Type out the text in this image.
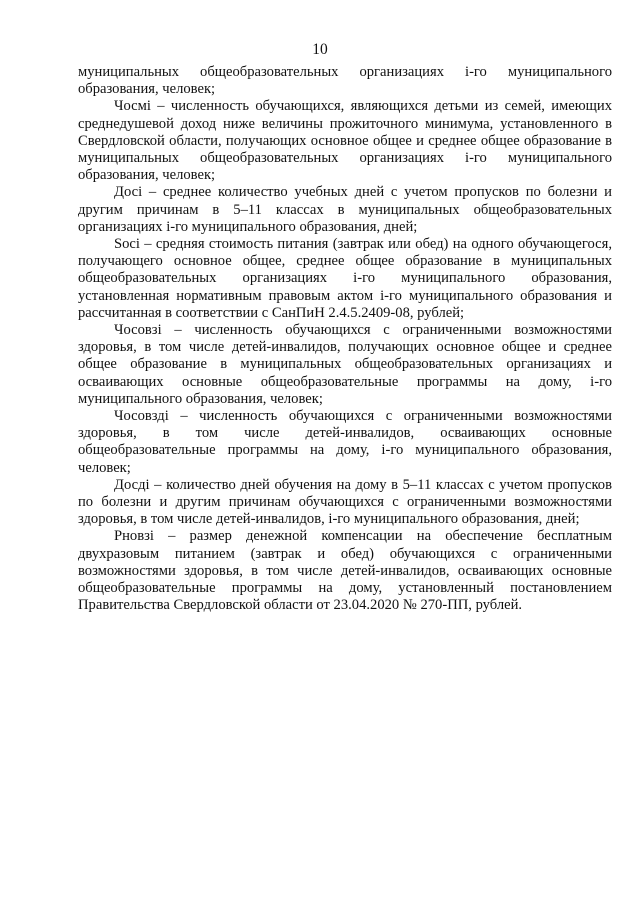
10

муниципальных общеобразовательных организациях i-го муниципального образования, человек;

Чосмi – численность обучающихся, являющихся детьми из семей, имеющих среднедушевой доход ниже величины прожиточного минимума, установленного в Свердловской области, получающих основное общее и среднее общее образование в муниципальных общеобразовательных организациях i-го муниципального образования, человек;

Досi – среднее количество учебных дней с учетом пропусков по болезни и другим причинам в 5–11 классах в муниципальных общеобразовательных организациях i-го муниципального образования, дней;

Soci – средняя стоимость питания (завтрак или обед) на одного обучающегося, получающего основное общее, среднее общее образование в муниципальных общеобразовательных организациях i-го муниципального образования, установленная нормативным правовым актом i-го муниципального образования и рассчитанная в соответствии с СанПиН 2.4.5.2409-08, рублей;

Чосовзi – численность обучающихся с ограниченными возможностями здоровья, в том числе детей-инвалидов, получающих основное общее и среднее общее образование в муниципальных общеобразовательных организациях и осваивающих основные общеобразовательные программы на дому, i-го муниципального образования, человек;

Чосовздi – численность обучающихся с ограниченными возможностями здоровья, в том числе детей-инвалидов, осваивающих основные общеобразовательные программы на дому, i-го муниципального образования, человек;

Досдi – количество дней обучения на дому в 5–11 классах с учетом пропусков по болезни и другим причинам обучающихся с ограниченными возможностями здоровья, в том числе детей-инвалидов, i-го муниципального образования, дней;

Рновзi – размер денежной компенсации на обеспечение бесплатным двухразовым питанием (завтрак и обед) обучающихся с ограниченными возможностями здоровья, в том числе детей-инвалидов, осваивающих основные общеобразовательные программы на дому, установленный постановлением Правительства Свердловской области от 23.04.2020 № 270-ПП, рублей.
